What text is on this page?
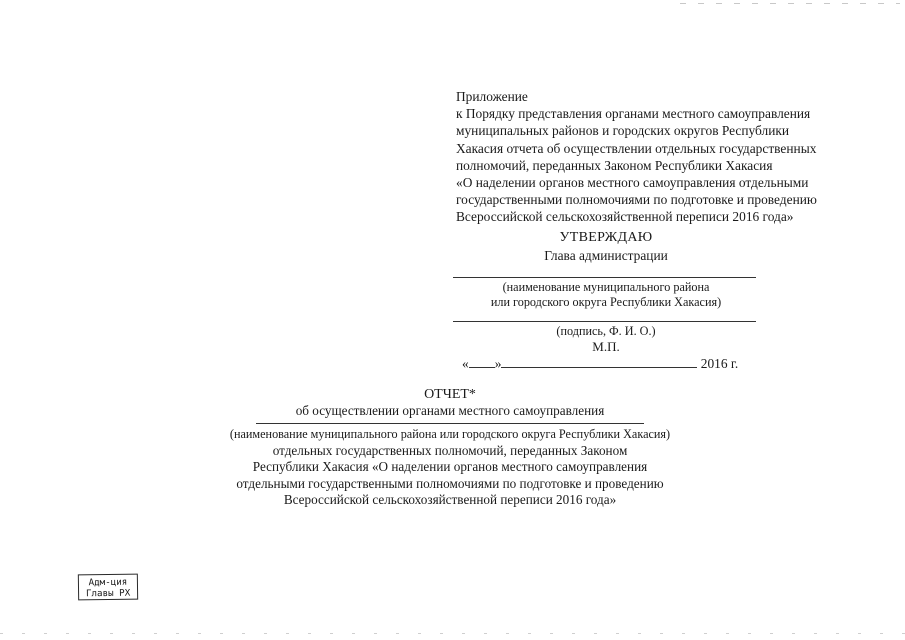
Приложение
к Порядку представления органами местного самоуправления
муниципальных районов и городских округов Республики
Хакасия отчета об осуществлении отдельных государственных
полномочий, переданных Законом Республики Хакасия
«О наделении органов местного самоуправления отдельными
государственными полномочиями по подготовке и проведению
Всероссийской сельскохозяйственной переписи 2016 года»
УТВЕРЖДАЮ
Глава администрации
(наименование муниципального района
или городского округа Республики Хакасия)
(подпись, Ф. И. О.)
М.П.
« »	2016 г.
ОТЧЕТ*
об осуществлении органами местного самоуправления
(наименование муниципального района или городского округа Республики Хакасия)
отдельных государственных полномочий, переданных Законом
Республики Хакасия «О наделении органов местного самоуправления
отдельными государственными полномочиями по подготовке и проведению
Всероссийской сельскохозяйственной переписи 2016 года»
Адм-ция
Главы РХ
